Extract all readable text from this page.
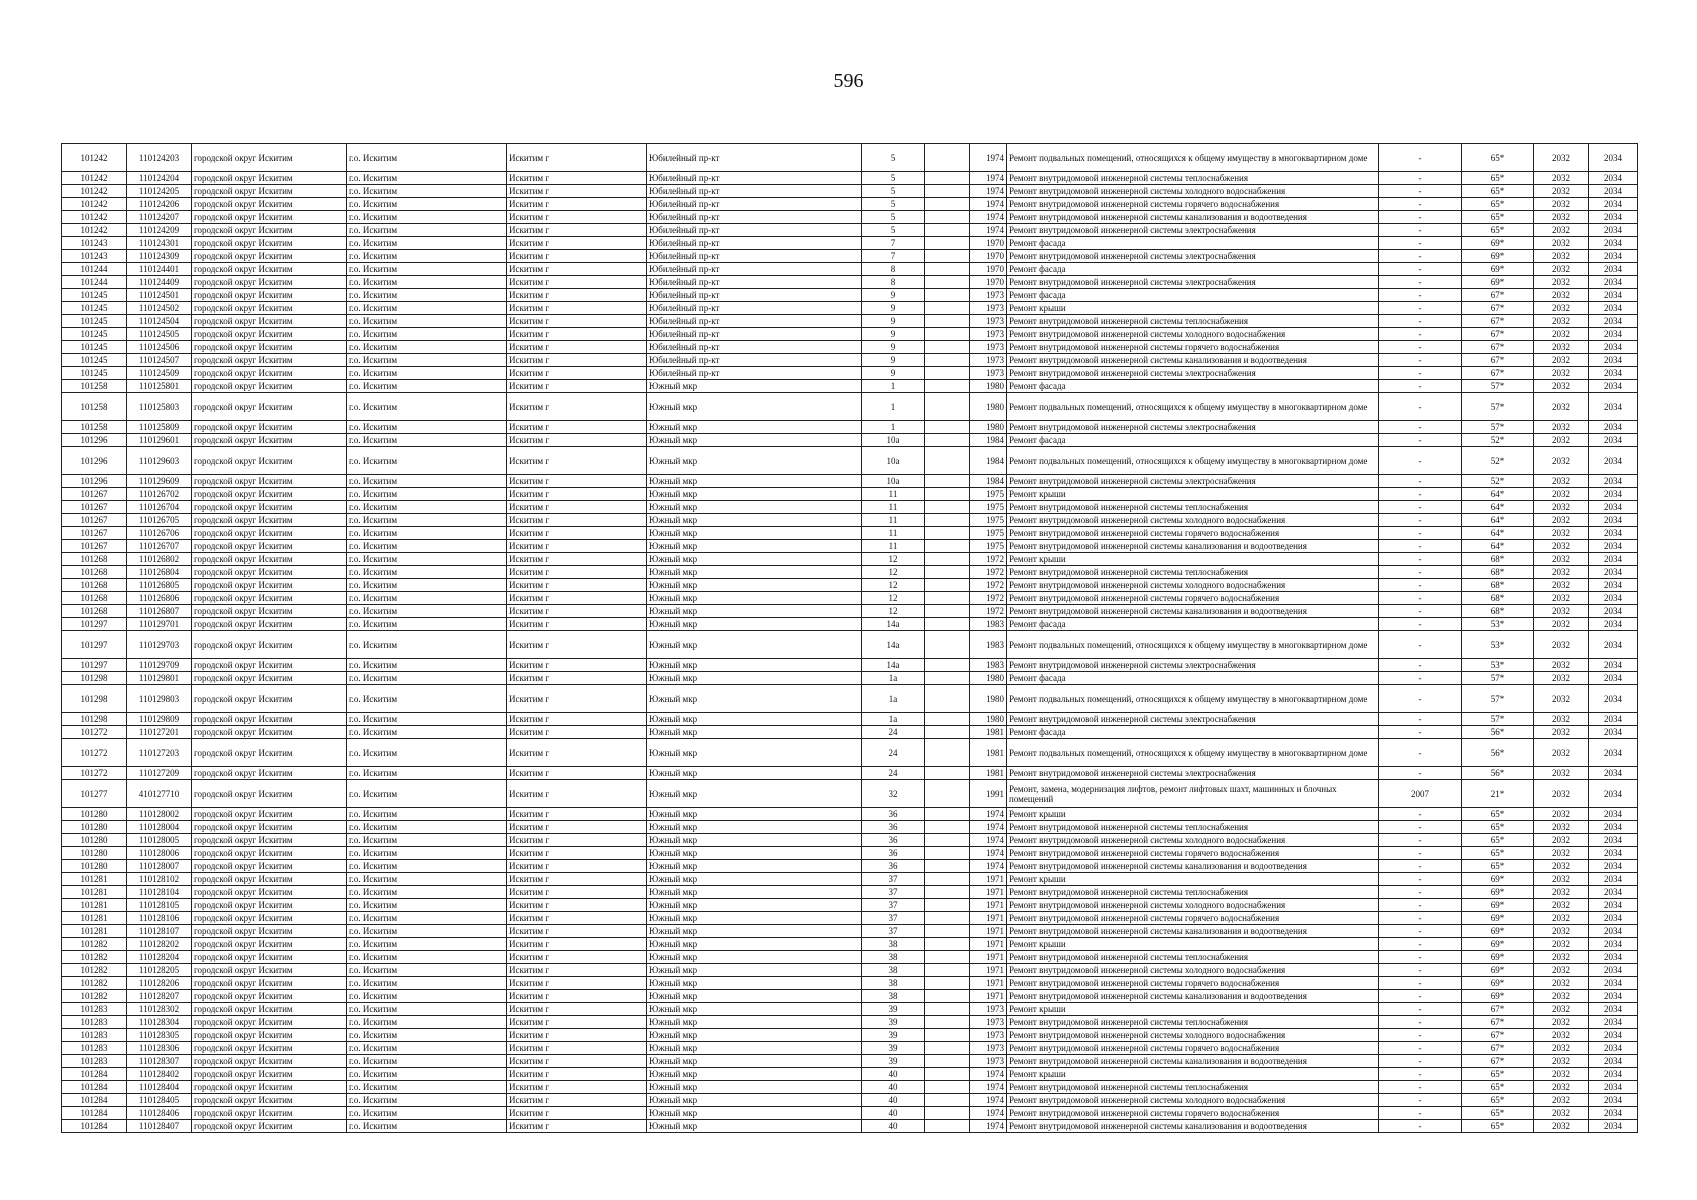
596
101242	110124203	городской округ Искитим	г.о. Искитим	Искитим г	Юбилейный пр-кт	5		1974	Ремонт подвальных помещений, относящихся к общему имуществу в многоквартирном доме	-	65*	2032	2034
101242	110124204	городской округ Искитим	г.о. Искитим	Искитим г	Юбилейный пр-кт	5		1974	Ремонт внутридомовой инженерной системы теплоснабжения	-	65*	2032	2034
101242	110124205	городской округ Искитим	г.о. Искитим	Искитим г	Юбилейный пр-кт	5		1974	Ремонт внутридомовой инженерной системы холодного водоснабжения	-	65*	2032	2034
101242	110124206	городской округ Искитим	г.о. Искитим	Искитим г	Юбилейный пр-кт	5		1974	Ремонт внутридомовой инженерной системы горячего водоснабжения	-	65*	2032	2034
101242	110124207	городской округ Искитим	г.о. Искитим	Искитим г	Юбилейный пр-кт	5		1974	Ремонт внутридомовой инженерной системы канализования и водоотведения	-	65*	2032	2034
101242	110124209	городской округ Искитим	г.о. Искитим	Искитим г	Юбилейный пр-кт	5		1974	Ремонт внутридомовой инженерной системы электроснабжения	-	65*	2032	2034
101243	110124301	городской округ Искитим	г.о. Искитим	Искитим г	Юбилейный пр-кт	7		1970	Ремонт фасада	-	69*	2032	2034
101243	110124309	городской округ Искитим	г.о. Искитим	Искитим г	Юбилейный пр-кт	7		1970	Ремонт внутридомовой инженерной системы электроснабжения	-	69*	2032	2034
101244	110124401	городской округ Искитим	г.о. Искитим	Искитим г	Юбилейный пр-кт	8		1970	Ремонт фасада	-	69*	2032	2034
101244	110124409	городской округ Искитим	г.о. Искитим	Искитим г	Юбилейный пр-кт	8		1970	Ремонт внутридомовой инженерной системы электроснабжения	-	69*	2032	2034
101245	110124501	городской округ Искитим	г.о. Искитим	Искитим г	Юбилейный пр-кт	9		1973	Ремонт фасада	-	67*	2032	2034
101245	110124502	городской округ Искитим	г.о. Искитим	Искитим г	Юбилейный пр-кт	9		1973	Ремонт крыши	-	67*	2032	2034
101245	110124504	городской округ Искитим	г.о. Искитим	Искитим г	Юбилейный пр-кт	9		1973	Ремонт внутридомовой инженерной системы теплоснабжения	-	67*	2032	2034
101245	110124505	городской округ Искитим	г.о. Искитим	Искитим г	Юбилейный пр-кт	9		1973	Ремонт внутридомовой инженерной системы холодного водоснабжения	-	67*	2032	2034
101245	110124506	городской округ Искитим	г.о. Искитим	Искитим г	Юбилейный пр-кт	9		1973	Ремонт внутридомовой инженерной системы горячего водоснабжения	-	67*	2032	2034
101245	110124507	городской округ Искитим	г.о. Искитим	Искитим г	Юбилейный пр-кт	9		1973	Ремонт внутридомовой инженерной системы канализования и водоотведения	-	67*	2032	2034
101245	110124509	городской округ Искитим	г.о. Искитим	Искитим г	Юбилейный пр-кт	9		1973	Ремонт внутридомовой инженерной системы электроснабжения	-	67*	2032	2034
101258	110125801	городской округ Искитим	г.о. Искитим	Искитим г	Южный мкр	1		1980	Ремонт фасада	-	57*	2032	2034
101258	110125803	городской округ Искитим	г.о. Искитим	Искитим г	Южный мкр	1		1980	Ремонт подвальных помещений, относящихся к общему имуществу в многоквартирном доме	-	57*	2032	2034
101258	110125809	городской округ Искитим	г.о. Искитим	Искитим г	Южный мкр	1		1980	Ремонт внутридомовой инженерной системы электроснабжения	-	57*	2032	2034
101296	110129601	городской округ Искитим	г.о. Искитим	Искитим г	Южный мкр	10а		1984	Ремонт фасада	-	52*	2032	2034
101296	110129603	городской округ Искитим	г.о. Искитим	Искитим г	Южный мкр	10а		1984	Ремонт подвальных помещений, относящихся к общему имуществу в многоквартирном доме	-	52*	2032	2034
101296	110129609	городской округ Искитим	г.о. Искитим	Искитим г	Южный мкр	10а		1984	Ремонт внутридомовой инженерной системы электроснабжения	-	52*	2032	2034
101267	110126702	городской округ Искитим	г.о. Искитим	Искитим г	Южный мкр	11		1975	Ремонт крыши	-	64*	2032	2034
101267	110126704	городской округ Искитим	г.о. Искитим	Искитим г	Южный мкр	11		1975	Ремонт внутридомовой инженерной системы теплоснабжения	-	64*	2032	2034
101267	110126705	городской округ Искитим	г.о. Искитим	Искитим г	Южный мкр	11		1975	Ремонт внутридомовой инженерной системы холодного водоснабжения	-	64*	2032	2034
101267	110126706	городской округ Искитим	г.о. Искитим	Искитим г	Южный мкр	11		1975	Ремонт внутридомовой инженерной системы горячего водоснабжения	-	64*	2032	2034
101267	110126707	городской округ Искитим	г.о. Искитим	Искитим г	Южный мкр	11		1975	Ремонт внутридомовой инженерной системы канализования и водоотведения	-	64*	2032	2034
101268	110126802	городской округ Искитим	г.о. Искитим	Искитим г	Южный мкр	12		1972	Ремонт крыши	-	68*	2032	2034
101268	110126804	городской округ Искитим	г.о. Искитим	Искитим г	Южный мкр	12		1972	Ремонт внутридомовой инженерной системы теплоснабжения	-	68*	2032	2034
101268	110126805	городской округ Искитим	г.о. Искитим	Искитим г	Южный мкр	12		1972	Ремонт внутридомовой инженерной системы холодного водоснабжения	-	68*	2032	2034
101268	110126806	городской округ Искитим	г.о. Искитим	Искитим г	Южный мкр	12		1972	Ремонт внутридомовой инженерной системы горячего водоснабжения	-	68*	2032	2034
101268	110126807	городской округ Искитим	г.о. Искитим	Искитим г	Южный мкр	12		1972	Ремонт внутридомовой инженерной системы канализования и водоотведения	-	68*	2032	2034
101297	110129701	городской округ Искитим	г.о. Искитим	Искитим г	Южный мкр	14а		1983	Ремонт фасада	-	53*	2032	2034
101297	110129703	городской округ Искитим	г.о. Искитим	Искитим г	Южный мкр	14а		1983	Ремонт подвальных помещений, относящихся к общему имуществу в многоквартирном доме	-	53*	2032	2034
101297	110129709	городской округ Искитим	г.о. Искитим	Искитим г	Южный мкр	14а		1983	Ремонт внутридомовой инженерной системы электроснабжения	-	53*	2032	2034
101298	110129801	городской округ Искитим	г.о. Искитим	Искитим г	Южный мкр	1а		1980	Ремонт фасада	-	57*	2032	2034
101298	110129803	городской округ Искитим	г.о. Искитим	Искитим г	Южный мкр	1а		1980	Ремонт подвальных помещений, относящихся к общему имуществу в многоквартирном доме	-	57*	2032	2034
101298	110129809	городской округ Искитим	г.о. Искитим	Искитим г	Южный мкр	1а		1980	Ремонт внутридомовой инженерной системы электроснабжения	-	57*	2032	2034
101272	110127201	городской округ Искитим	г.о. Искитим	Искитим г	Южный мкр	24		1981	Ремонт фасада	-	56*	2032	2034
101272	110127203	городской округ Искитим	г.о. Искитим	Искитим г	Южный мкр	24		1981	Ремонт подвальных помещений, относящихся к общему имуществу в многоквартирном доме	-	56*	2032	2034
101272	110127209	городской округ Искитим	г.о. Искитим	Искитим г	Южный мкр	24		1981	Ремонт внутридомовой инженерной системы электроснабжения	-	56*	2032	2034
101277	410127710	городской округ Искитим	г.о. Искитим	Искитим г	Южный мкр	32		1991	Ремонт, замена, модернизация лифтов, ремонт лифтовых шахт, машинных и блочных помещений	2007	21*	2032	2034
101280	110128002	городской округ Искитим	г.о. Искитим	Искитим г	Южный мкр	36		1974	Ремонт крыши	-	65*	2032	2034
101280	110128004	городской округ Искитим	г.о. Искитим	Искитим г	Южный мкр	36		1974	Ремонт внутридомовой инженерной системы теплоснабжения	-	65*	2032	2034
101280	110128005	городской округ Искитим	г.о. Искитим	Искитим г	Южный мкр	36		1974	Ремонт внутридомовой инженерной системы холодного водоснабжения	-	65*	2032	2034
101280	110128006	городской округ Искитим	г.о. Искитим	Искитим г	Южный мкр	36		1974	Ремонт внутридомовой инженерной системы горячего водоснабжения	-	65*	2032	2034
101280	110128007	городской округ Искитим	г.о. Искитим	Искитим г	Южный мкр	36		1974	Ремонт внутридомовой инженерной системы канализования и водоотведения	-	65*	2032	2034
101281	110128102	городской округ Искитим	г.о. Искитим	Искитим г	Южный мкр	37		1971	Ремонт крыши	-	69*	2032	2034
101281	110128104	городской округ Искитим	г.о. Искитим	Искитим г	Южный мкр	37		1971	Ремонт внутридомовой инженерной системы теплоснабжения	-	69*	2032	2034
101281	110128105	городской округ Искитим	г.о. Искитим	Искитим г	Южный мкр	37		1971	Ремонт внутридомовой инженерной системы холодного водоснабжения	-	69*	2032	2034
101281	110128106	городской округ Искитим	г.о. Искитим	Искитим г	Южный мкр	37		1971	Ремонт внутридомовой инженерной системы горячего водоснабжения	-	69*	2032	2034
101281	110128107	городской округ Искитим	г.о. Искитим	Искитим г	Южный мкр	37		1971	Ремонт внутридомовой инженерной системы канализования и водоотведения	-	69*	2032	2034
101282	110128202	городской округ Искитим	г.о. Искитим	Искитим г	Южный мкр	38		1971	Ремонт крыши	-	69*	2032	2034
101282	110128204	городской округ Искитим	г.о. Искитим	Искитим г	Южный мкр	38		1971	Ремонт внутридомовой инженерной системы теплоснабжения	-	69*	2032	2034
101282	110128205	городской округ Искитим	г.о. Искитим	Искитим г	Южный мкр	38		1971	Ремонт внутридомовой инженерной системы холодного водоснабжения	-	69*	2032	2034
101282	110128206	городской округ Искитим	г.о. Искитим	Искитим г	Южный мкр	38		1971	Ремонт внутридомовой инженерной системы горячего водоснабжения	-	69*	2032	2034
101282	110128207	городской округ Искитим	г.о. Искитим	Искитим г	Южный мкр	38		1971	Ремонт внутридомовой инженерной системы канализования и водоотведения	-	69*	2032	2034
101283	110128302	городской округ Искитим	г.о. Искитим	Искитим г	Южный мкр	39		1973	Ремонт крыши	-	67*	2032	2034
101283	110128304	городской округ Искитим	г.о. Искитим	Искитим г	Южный мкр	39		1973	Ремонт внутридомовой инженерной системы теплоснабжения	-	67*	2032	2034
101283	110128305	городской округ Искитим	г.о. Искитим	Искитим г	Южный мкр	39		1973	Ремонт внутридомовой инженерной системы холодного водоснабжения	-	67*	2032	2034
101283	110128306	городской округ Искитим	г.о. Искитим	Искитим г	Южный мкр	39		1973	Ремонт внутридомовой инженерной системы горячего водоснабжения	-	67*	2032	2034
101283	110128307	городской округ Искитим	г.о. Искитим	Искитим г	Южный мкр	39		1973	Ремонт внутридомовой инженерной системы канализования и водоотведения	-	67*	2032	2034
101284	110128402	городской округ Искитим	г.о. Искитим	Искитим г	Южный мкр	40		1974	Ремонт крыши	-	65*	2032	2034
101284	110128404	городской округ Искитим	г.о. Искитим	Искитим г	Южный мкр	40		1974	Ремонт внутридомовой инженерной системы теплоснабжения	-	65*	2032	2034
101284	110128405	городской округ Искитим	г.о. Искитим	Искитим г	Южный мкр	40		1974	Ремонт внутридомовой инженерной системы холодного водоснабжения	-	65*	2032	2034
101284	110128406	городской округ Искитим	г.о. Искитим	Искитим г	Южный мкр	40		1974	Ремонт внутридомовой инженерной системы горячего водоснабжения	-	65*	2032	2034
101284	110128407	городской округ Искитим	г.о. Искитим	Искитим г	Южный мкр	40		1974	Ремонт внутридомовой инженерной системы канализования и водоотведения	-	65*	2032	2034
